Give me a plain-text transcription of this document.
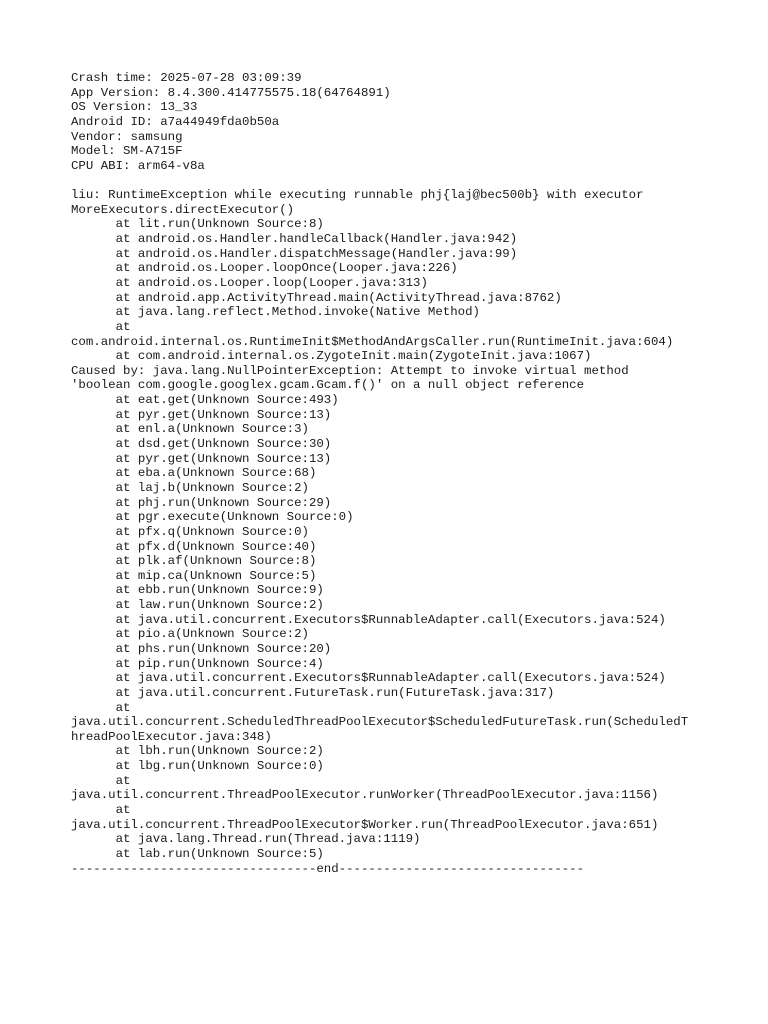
Crash time: 2025-07-28 03:09:39
App Version: 8.4.300.414775575.18(64764891)
OS Version: 13_33
Android ID: a7a44949fda0b50a
Vendor: samsung
Model: SM-A715F
CPU ABI: arm64-v8a
liu: RuntimeException while executing runnable phj{laj@bec500b} with executor
MoreExecutors.directExecutor()
at lit.run(Unknown Source:8)
at android.os.Handler.handleCallback(Handler.java:942)
at android.os.Handler.dispatchMessage(Handler.java:99)
at android.os.Looper.loopOnce(Looper.java:226)
at android.os.Looper.loop(Looper.java:313)
at android.app.ActivityThread.main(ActivityThread.java:8762)
at java.lang.reflect.Method.invoke(Native Method)
at
com.android.internal.os.RuntimeInit$MethodAndArgsCaller.run(RuntimeInit.java:604)
at com.android.internal.os.ZygoteInit.main(ZygoteInit.java:1067)
Caused by: java.lang.NullPointerException: Attempt to invoke virtual method
'boolean com.google.googlex.gcam.Gcam.f()' on a null object reference
at eat.get(Unknown Source:493)
at pyr.get(Unknown Source:13)
at enl.a(Unknown Source:3)
at dsd.get(Unknown Source:30)
at pyr.get(Unknown Source:13)
at eba.a(Unknown Source:68)
at laj.b(Unknown Source:2)
at phj.run(Unknown Source:29)
at pgr.execute(Unknown Source:0)
at pfx.q(Unknown Source:0)
at pfx.d(Unknown Source:40)
at plk.af(Unknown Source:8)
at mip.ca(Unknown Source:5)
at ebb.run(Unknown Source:9)
at law.run(Unknown Source:2)
at java.util.concurrent.Executors$RunnableAdapter.call(Executors.java:524)
at pio.a(Unknown Source:2)
at phs.run(Unknown Source:20)
at pip.run(Unknown Source:4)
at java.util.concurrent.Executors$RunnableAdapter.call(Executors.java:524)
at java.util.concurrent.FutureTask.run(FutureTask.java:317)
at
java.util.concurrent.ScheduledThreadPoolExecutor$ScheduledFutureTask.run(ScheduledT
hreadPoolExecutor.java:348)
at lbh.run(Unknown Source:2)
at lbg.run(Unknown Source:0)
at
java.util.concurrent.ThreadPoolExecutor.runWorker(ThreadPoolExecutor.java:1156)
at
java.util.concurrent.ThreadPoolExecutor$Worker.run(ThreadPoolExecutor.java:651)
at java.lang.Thread.run(Thread.java:1119)
at lab.run(Unknown Source:5)
---------------------------------end---------------------------------
